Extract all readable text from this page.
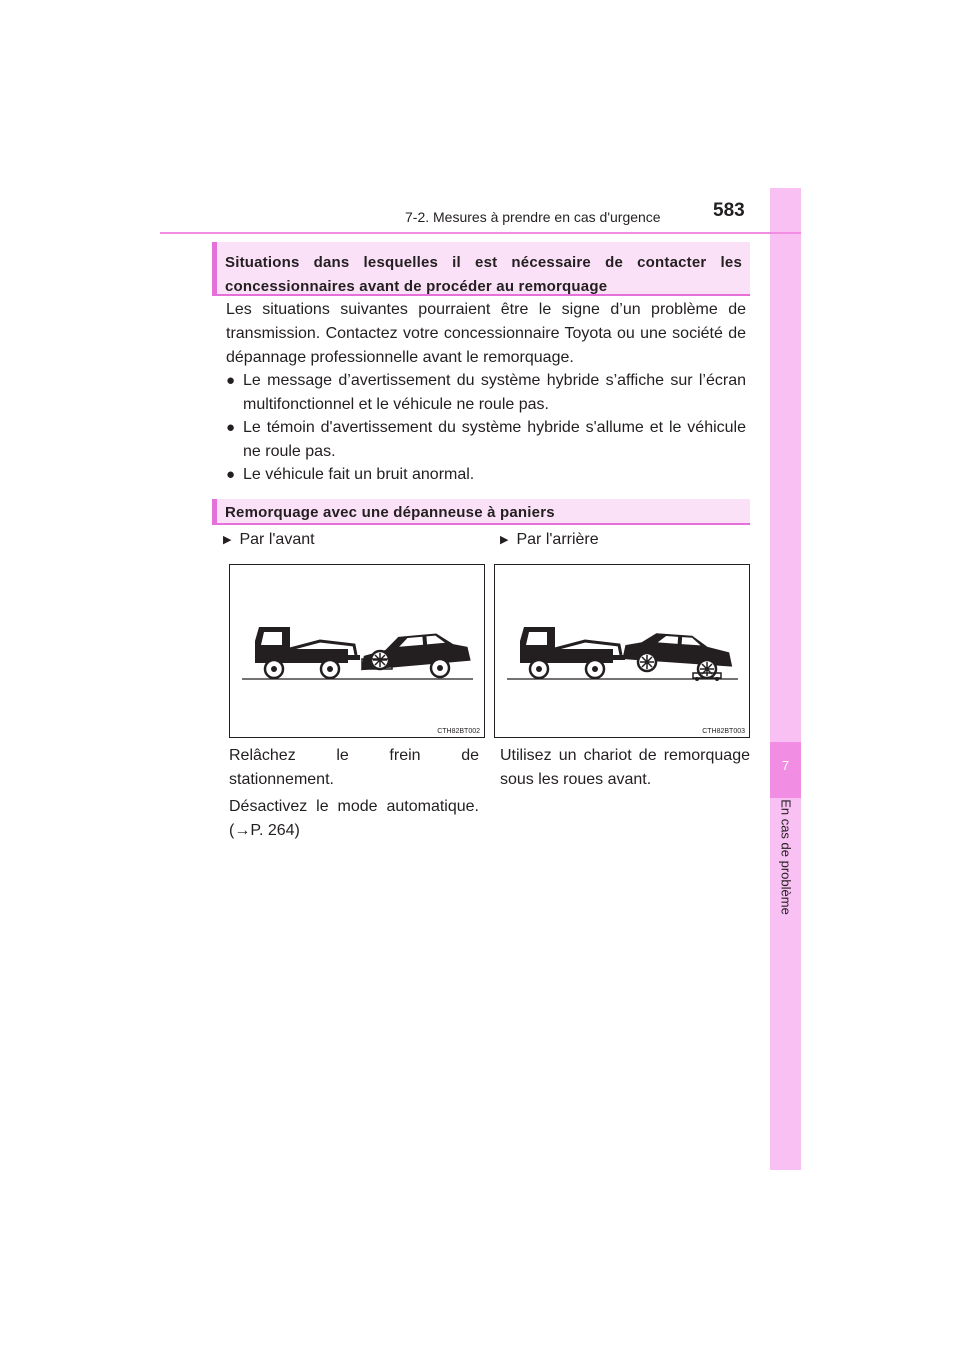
7
En cas de problème
7-2. Mesures à prendre en cas d'urgence	583
Situations dans lesquelles il est nécessaire de contacter les concessionnaires avant de procéder au remorquage
Les situations suivantes pourraient être le signe d’un problème de transmission. Contactez votre concessionnaire Toyota ou une société de dépannage professionnelle avant le remorquage.
● Le message d’avertissement du système hybride s’affiche sur l’écran multifonctionnel et le véhicule ne roule pas.
● Le témoin d'avertissement du système hybride s'allume et le véhicule ne roule pas.
● Le véhicule fait un bruit anormal.
Remorquage avec une dépanneuse à paniers
▶ Par l'avant
CTH82BT002
Relâchez le frein de stationnement.
Désactivez le mode automatique. (→P. 264)
▶ Par l'arrière
CTH82BT003
Utilisez un chariot de remorquage sous les roues avant.
